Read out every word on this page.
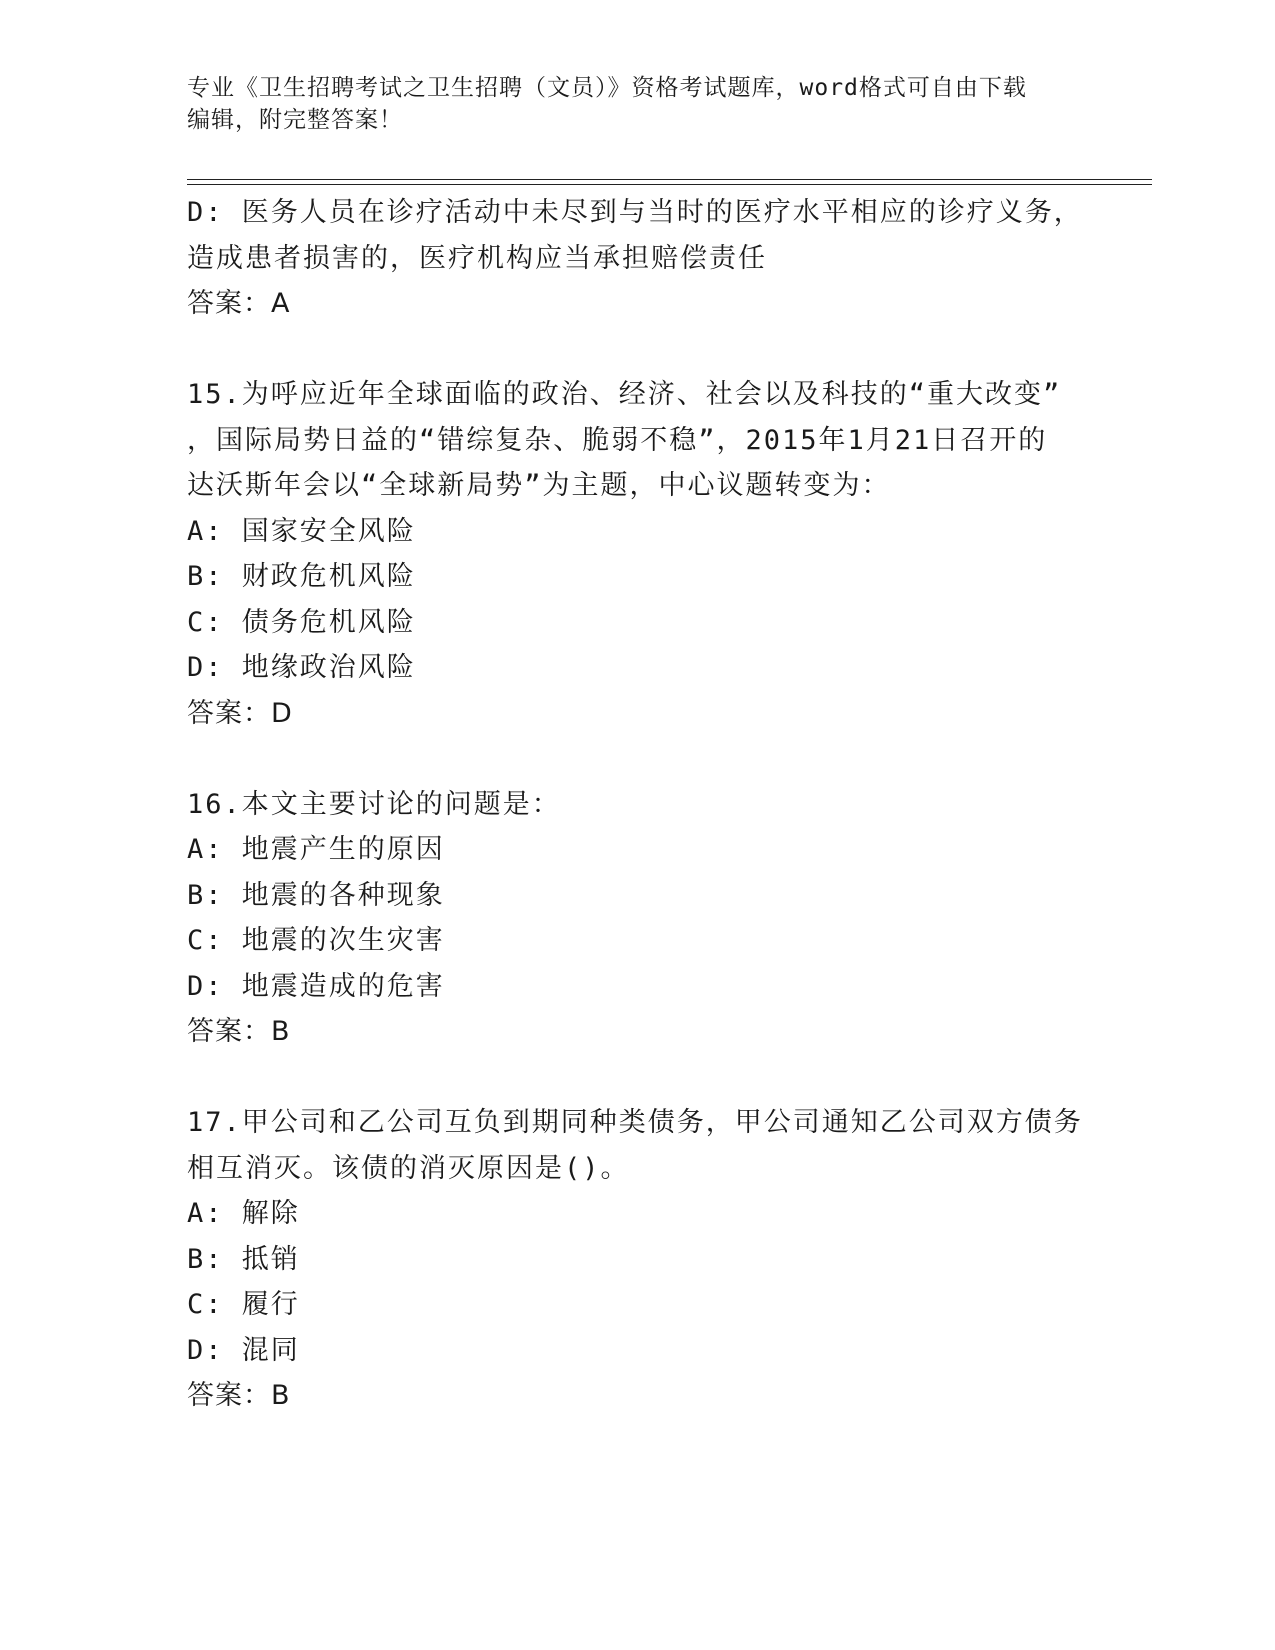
专业《卫生招聘考试之卫生招聘（文员）》资格考试题库，word格式可自由下载
编辑，附完整答案！
D: 医务人员在诊疗活动中未尽到与当时的医疗水平相应的诊疗义务，
造成患者损害的，医疗机构应当承担赔偿责任
答案：A
15.为呼应近年全球面临的政治、经济、社会以及科技的“重大改变”
，国际局势日益的“错综复杂、脆弱不稳”，2015年1月21日召开的
达沃斯年会以“全球新局势”为主题，中心议题转变为：
A: 国家安全风险
B: 财政危机风险
C: 债务危机风险
D: 地缘政治风险
答案：D
16.本文主要讨论的问题是：
A: 地震产生的原因
B: 地震的各种现象
C: 地震的次生灾害
D: 地震造成的危害
答案：B
17.甲公司和乙公司互负到期同种类债务，甲公司通知乙公司双方债务
相互消灭。该债的消灭原因是()。
A: 解除
B: 抵销
C: 履行
D: 混同
答案：B
